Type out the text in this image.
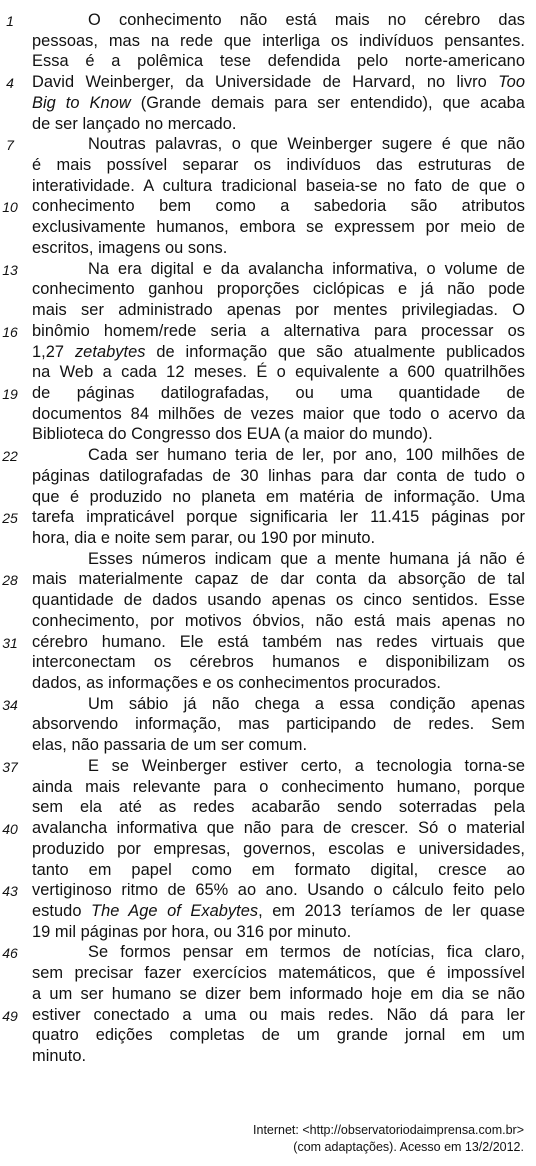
1	O conhecimento não está mais no cérebro das
pessoas, mas na rede que interliga os indivíduos pensantes.
Essa é a polêmica tese defendida pelo norte-americano
4	David Weinberger, da Universidade de Harvard, no livro Too
Big to Know (Grande demais para ser entendido), que acaba
de ser lançado no mercado.
7	Noutras palavras, o que Weinberger sugere é que não
é mais possível separar os indivíduos das estruturas de
interatividade. A cultura tradicional baseia-se no fato de que o
10 conhecimento bem como a sabedoria são atributos
exclusivamente humanos, embora se expressem por meio de
escritos, imagens ou sons.
13	Na era digital e da avalancha informativa, o volume de
conhecimento ganhou proporções ciclópicas e já não pode
mais ser administrado apenas por mentes privilegiadas. O
16 binômio homem/rede seria a alternativa para processar os
1,27 zetabytes de informação que são atualmente publicados
na Web a cada 12 meses. É o equivalente a 600 quatrilhões
19 de páginas datilografadas, ou uma quantidade de
documentos 84 milhões de vezes maior que todo o acervo da
Biblioteca do Congresso dos EUA (a maior do mundo).
22	Cada ser humano teria de ler, por ano, 100 milhões de
páginas datilografadas de 30 linhas para dar conta de tudo o
que é produzido no planeta em matéria de informação. Uma
25 tarefa impraticável porque significaria ler 11.415 páginas por
hora, dia e noite sem parar, ou 190 por minuto.
Esses números indicam que a mente humana já não é
28 mais materialmente capaz de dar conta da absorção de tal
quantidade de dados usando apenas os cinco sentidos. Esse
conhecimento, por motivos óbvios, não está mais apenas no
31 cérebro humano. Ele está também nas redes virtuais que
interconectam os cérebros humanos e disponibilizam os
dados, as informações e os conhecimentos procurados.
34	Um sábio já não chega a essa condição apenas
absorvendo informação, mas participando de redes. Sem
elas, não passaria de um ser comum.
37	E se Weinberger estiver certo, a tecnologia torna-se
ainda mais relevante para o conhecimento humano, porque
sem ela até as redes acabarão sendo soterradas pela
40 avalancha informativa que não para de crescer. Só o material
produzido por empresas, governos, escolas e universidades,
tanto em papel como em formato digital, cresce ao
43 vertiginoso ritmo de 65% ao ano. Usando o cálculo feito pelo
estudo The Age of Exabytes, em 2013 teríamos de ler quase
19 mil páginas por hora, ou 316 por minuto.
46	Se formos pensar em termos de notícias, fica claro,
sem precisar fazer exercícios matemáticos, que é impossível
a um ser humano se dizer bem informado hoje em dia se não
49 estiver conectado a uma ou mais redes. Não dá para ler
quatro edições completas de um grande jornal em um
minuto.
Internet: <http://observatoriodaimprensa.com.br>
(com adaptações). Acesso em 13/2/2012.
